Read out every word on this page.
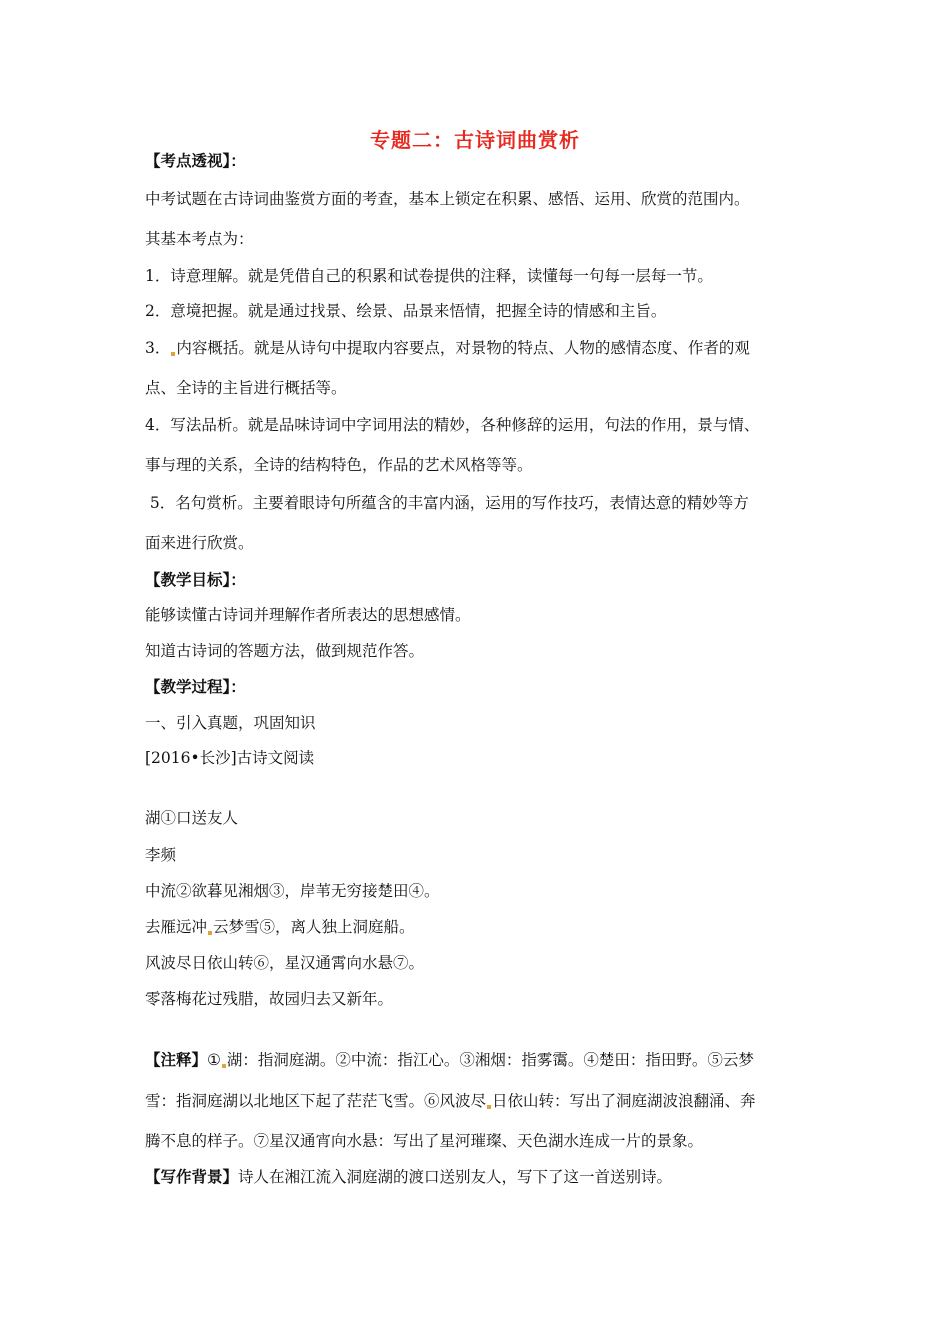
专题二：古诗词曲赏析
【考点透视】：
中考试题在古诗词曲鉴赏方面的考查，基本上锁定在积累、感悟、运用、欣赏的范围内。
其基本考点为：
1．诗意理解。就是凭借自己的积累和试卷提供的注释，读懂每一句每一层每一节。
2．意境把握。就是通过找景、绘景、品景来悟情，把握全诗的情感和主旨。
3． 内容概括。就是从诗句中提取内容要点，对景物的特点、人物的感情态度、作者的观
点、全诗的主旨进行概括等。
4．写法品析。就是品味诗词中字词用法的精妙，各种修辞的运用，句法的作用，景与情、
事与理的关系，全诗的结构特色，作品的艺术风格等等。
5．名句赏析。主要着眼诗句所蕴含的丰富内涵，运用的写作技巧，表情达意的精妙等方
面来进行欣赏。
【教学目标】：
能够读懂古诗词并理解作者所表达的思想感情。
知道古诗词的答题方法，做到规范作答。
【教学过程】：
一、引入真题，巩固知识
[2016•长沙]古诗文阅读
湖①口送友人
李频
中流②欲暮见湘烟③，岸苇无穷接楚田④。
去雁远冲 云梦雪⑤，离人独上洞庭船。
风波尽日依山转⑥，星汉通霄向水悬⑦。
零落梅花过残腊，故园归去又新年。
【注释】① 湖：指洞庭湖。②中流：指江心。③湘烟：指雾霭。④楚田：指田野。⑤云梦
雪：指洞庭湖以北地区下起了茫茫飞雪。⑥风波尽 日依山转：写出了洞庭湖波浪翻涌、奔
腾不息的样子。⑦星汉通宵向水悬：写出了星河璀璨、天色湖水连成一片的景象。
【写作背景】诗人在湘江流入洞庭湖的渡口送别友人，写下了这一首送别诗。
